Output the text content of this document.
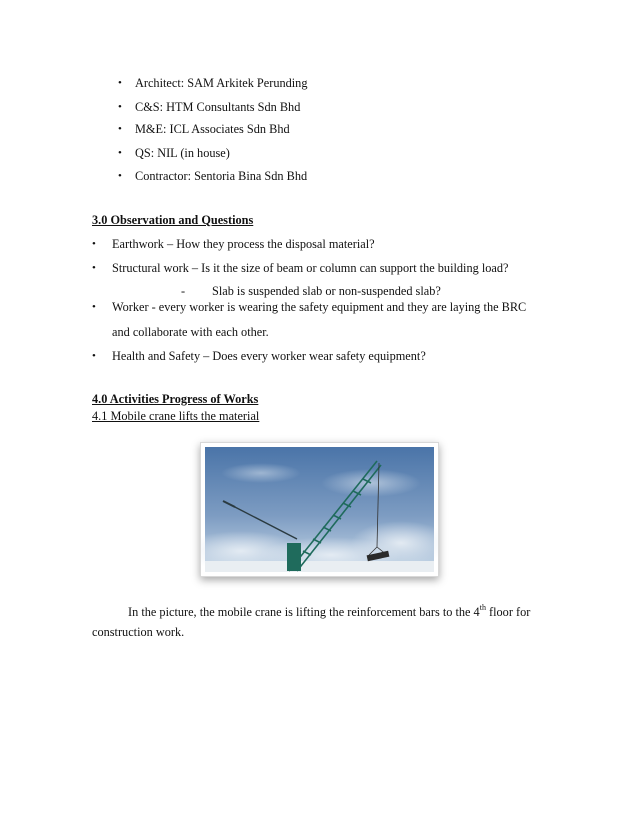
• Architect: SAM Arkitek Perunding
• C&S: HTM Consultants Sdn Bhd
• M&E: ICL Associates Sdn Bhd
• QS: NIL (in house)
• Contractor: Sentoria Bina Sdn Bhd
3.0 Observation and Questions
• Earthwork – How they process the disposal material?
• Structural work – Is it the size of beam or column can support the building load?
- Slab is suspended slab or non-suspended slab?
• Worker - every worker is wearing the safety equipment and they are laying the BRC
and collaborate with each other.
• Health and Safety – Does every worker wear safety equipment?
4.0 Activities Progress of Works
4.1 Mobile crane lifts the material
In the picture, the mobile crane is lifting the reinforcement bars to the 4th floor for
construction work.
